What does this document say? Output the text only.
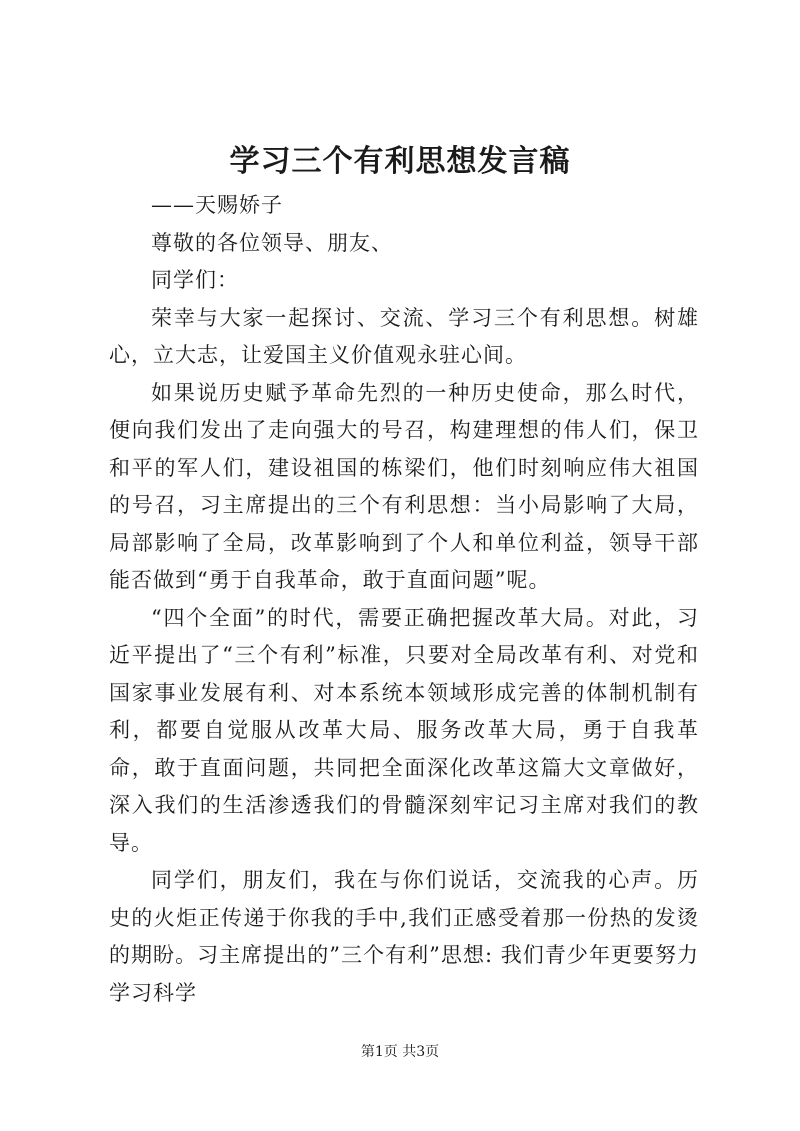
学习三个有利思想发言稿

——天赐娇子

尊敬的各位领导、朋友、

同学们：

荣幸与大家一起探讨、交流、学习三个有利思想。树雄心，立大志，让爱国主义价值观永驻心间。

如果说历史赋予革命先烈的一种历史使命，那么时代，便向我们发出了走向强大的号召，构建理想的伟人们，保卫和平的军人们，建设祖国的栋梁们，他们时刻响应伟大祖国的号召，习主席提出的三个有利思想：当小局影响了大局，局部影响了全局，改革影响到了个人和单位利益，领导干部能否做到“勇于自我革命，敢于直面问题”呢。

“四个全面”的时代，需要正确把握改革大局。对此，习近平提出了“三个有利”标准，只要对全局改革有利、对党和国家事业发展有利、对本系统本领域形成完善的体制机制有利，都要自觉服从改革大局、服务改革大局，勇于自我革命，敢于直面问题，共同把全面深化改革这篇大文章做好，深入我们的生活渗透我们的骨髓深刻牢记习主席对我们的教导。

同学们，朋友们，我在与你们说话，交流我的心声。历史的火炬正传递于你我的手中,我们正感受着那一份热的发烫的期盼。习主席提出的”三个有利”思想: 我们青少年更要努力学习科学

第1页 共3页
